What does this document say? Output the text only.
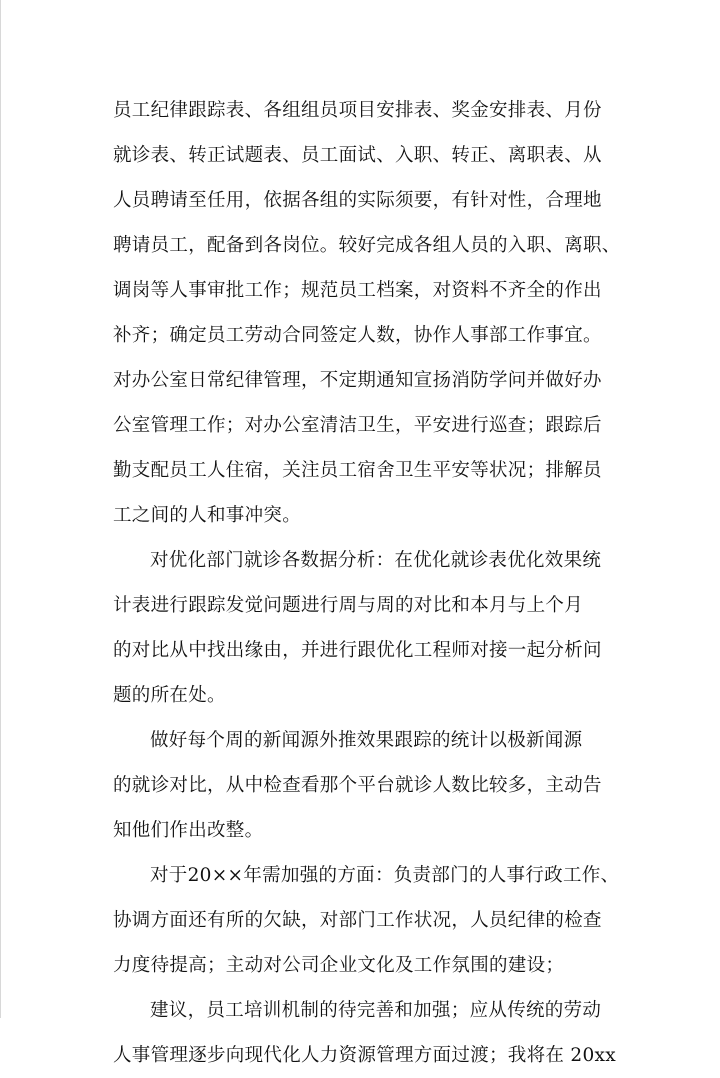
员工纪律跟踪表、各组组员项目安排表、奖金安排表、月份
就诊表、转正试题表、员工面试、入职、转正、离职表、从
人员聘请至任用，依据各组的实际须要，有针对性，合理地
聘请员工，配备到各岗位。较好完成各组人员的入职、离职、
调岗等人事审批工作；规范员工档案，对资料不齐全的作出
补齐；确定员工劳动合同签定人数，协作人事部工作事宜。
对办公室日常纪律管理，不定期通知宣扬消防学问并做好办
公室管理工作；对办公室清洁卫生，平安进行巡查；跟踪后
勤支配员工人住宿，关注员工宿舍卫生平安等状况；排解员
工之间的人和事冲突。
对优化部门就诊各数据分析：在优化就诊表优化效果统
计表进行跟踪发觉问题进行周与周的对比和本月与上个月
的对比从中找出缘由，并进行跟优化工程师对接一起分析问
题的所在处。
做好每个周的新闻源外推效果跟踪的统计以极新闻源
的就诊对比，从中检查看那个平台就诊人数比较多，主动告
知他们作出改整。
对于20××年需加强的方面：负责部门的人事行政工作、
协调方面还有所的欠缺，对部门工作状况，人员纪律的检查
力度待提高；主动对公司企业文化及工作氛围的建设；
建议，员工培训机制的待完善和加强；应从传统的劳动
人事管理逐步向现代化人力资源管理方面过渡；我将在 20xx
